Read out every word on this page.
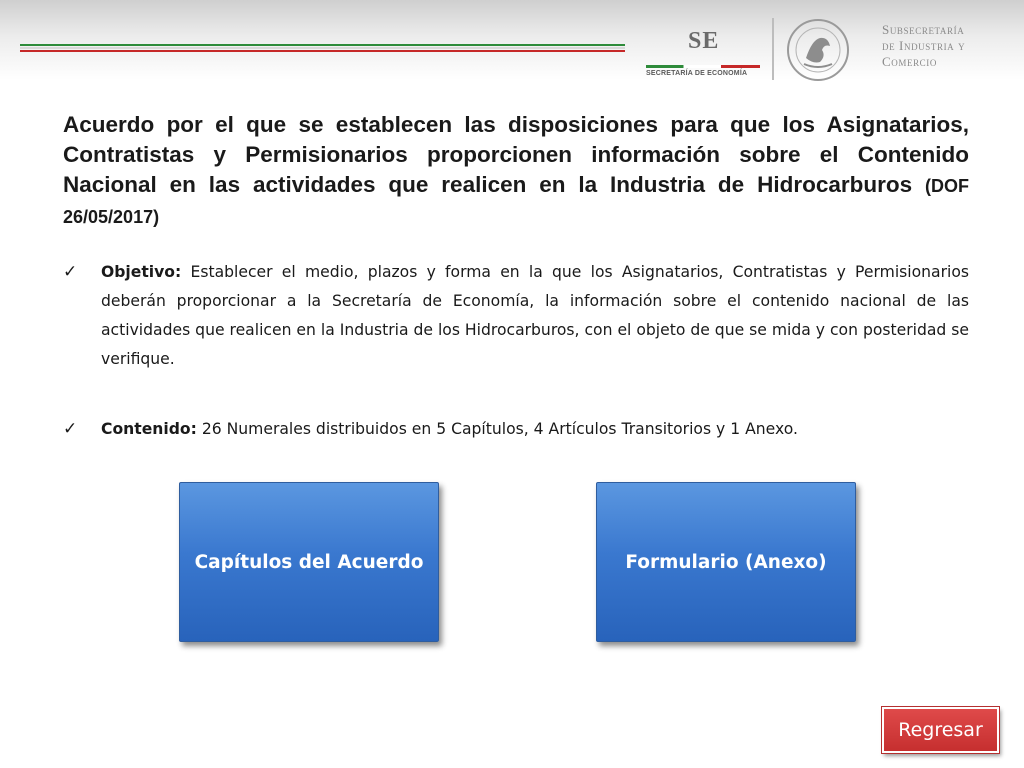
SE
SECRETARÍA DE ECONOMÍA
Subsecretaría
de Industria y
Comercio
Acuerdo por el que se establecen las disposiciones para que los Asignatarios, Contratistas y Permisionarios proporcionen información sobre el Contenido Nacional en las actividades que realicen en la Industria de Hidrocarburos (DOF 26/05/2017)
✓ Objetivo: Establecer el medio, plazos y forma en la que los Asignatarios, Contratistas y Permisionarios deberán proporcionar a la Secretaría de Economía, la información sobre el contenido nacional de las actividades que realicen en la Industria de los Hidrocarburos, con el objeto de que se mida y con posteridad se verifique.
✓ Contenido: 26 Numerales distribuidos en 5 Capítulos, 4 Artículos Transitorios y 1 Anexo.
Capítulos del Acuerdo	Formulario (Anexo)
Regresar
